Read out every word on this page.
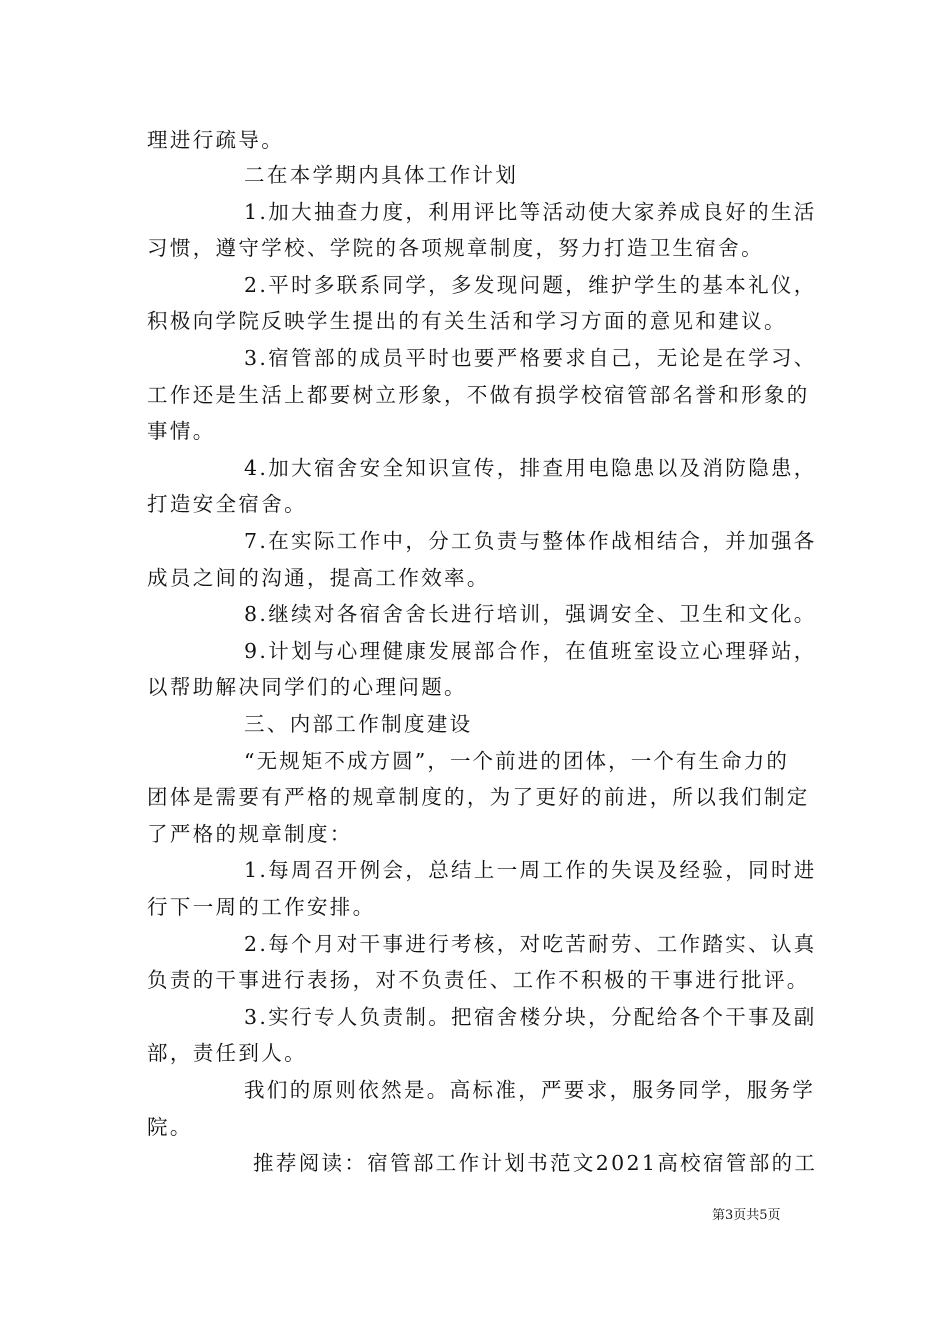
理进行疏导。
二在本学期内具体工作计划
1.加大抽查力度，利用评比等活动使大家养成良好的生活
习惯，遵守学校、学院的各项规章制度，努力打造卫生宿舍。
2.平时多联系同学，多发现问题，维护学生的基本礼仪，
积极向学院反映学生提出的有关生活和学习方面的意见和建议。
3.宿管部的成员平时也要严格要求自己，无论是在学习、
工作还是生活上都要树立形象，不做有损学校宿管部名誉和形象的
事情。
4.加大宿舍安全知识宣传，排查用电隐患以及消防隐患，
打造安全宿舍。
7.在实际工作中，分工负责与整体作战相结合，并加强各
成员之间的沟通，提高工作效率。
8.继续对各宿舍舍长进行培训，强调安全、卫生和文化。
9.计划与心理健康发展部合作，在值班室设立心理驿站，
以帮助解决同学们的心理问题。
三、内部工作制度建设
“无规矩不成方圆”，一个前进的团体，一个有生命力的
团体是需要有严格的规章制度的，为了更好的前进，所以我们制定
了严格的规章制度：
1.每周召开例会，总结上一周工作的失误及经验，同时进
行下一周的工作安排。
2.每个月对干事进行考核，对吃苦耐劳、工作踏实、认真
负责的干事进行表扬，对不负责任、工作不积极的干事进行批评。
3.实行专人负责制。把宿舍楼分块，分配给各个干事及副
部，责任到人。
我们的原则依然是。高标准，严要求，服务同学，服务学
院。
推荐阅读：宿管部工作计划书范文2021高校宿管部的工
第3页共5页
